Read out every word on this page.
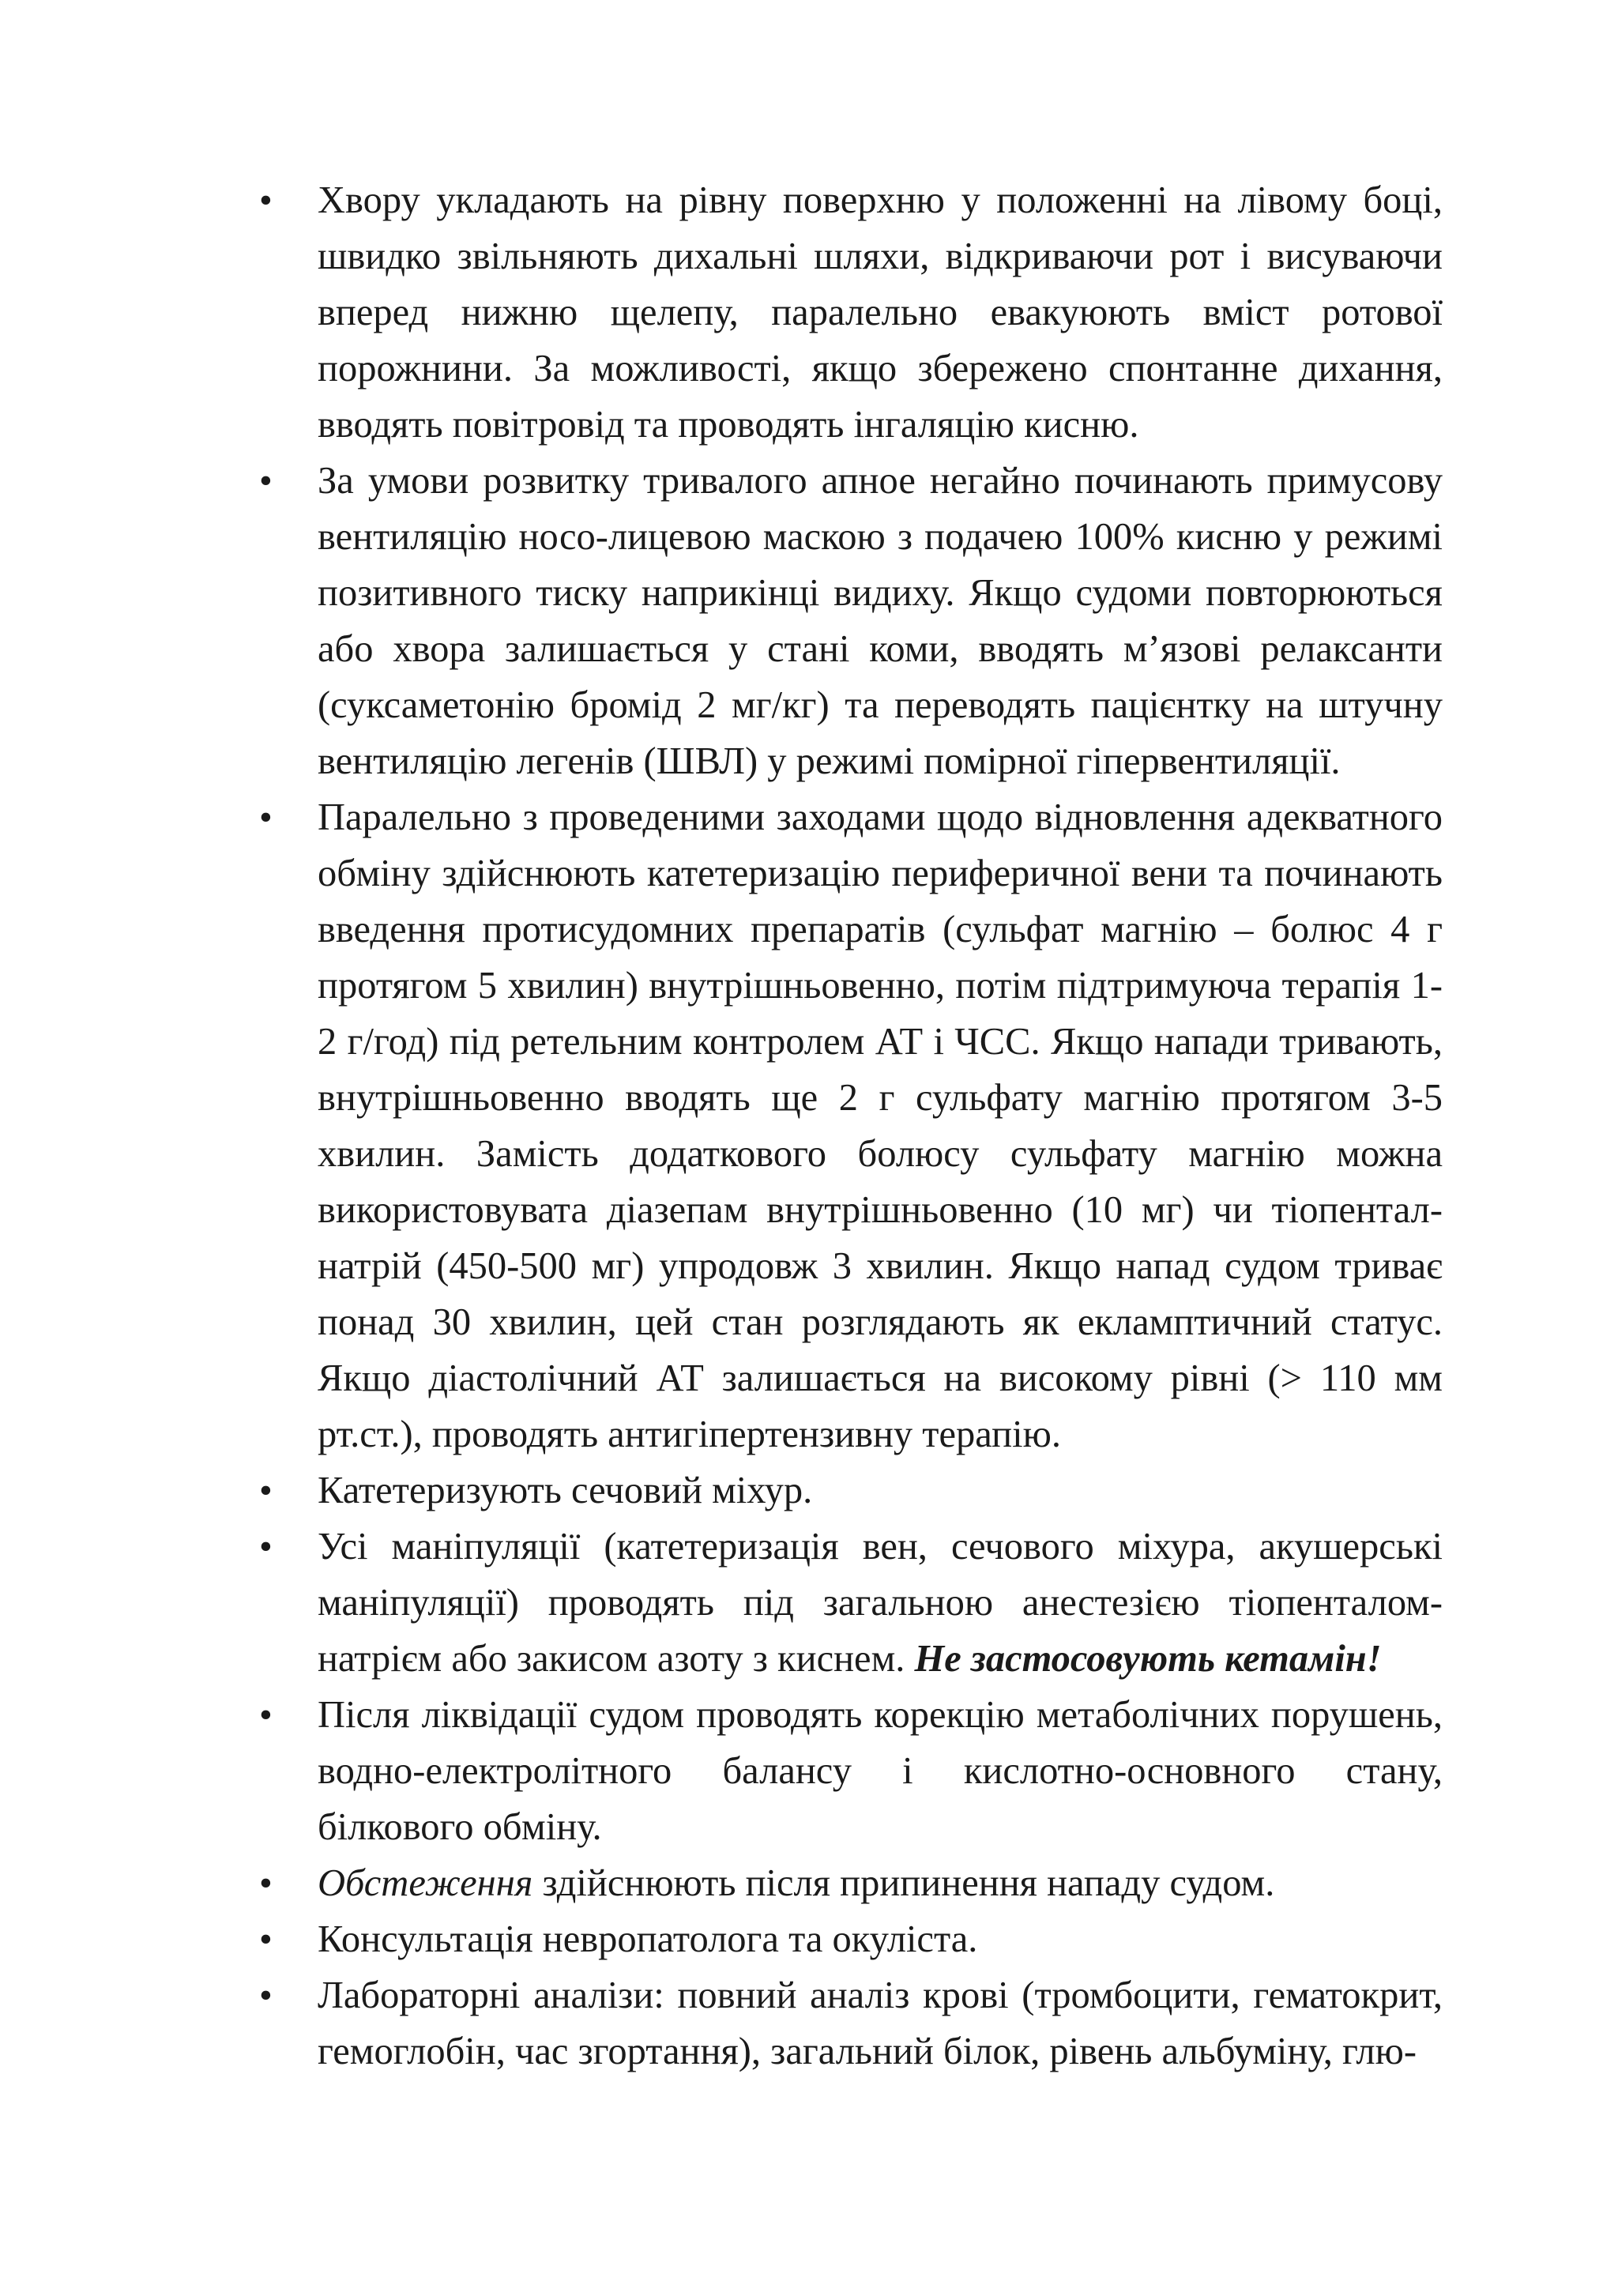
• Хвору укладають на рівну поверхню у положенні на лівому боці, швидко звільняють дихальні шляхи, відкриваючи рот і висуваючи вперед нижню щелепу, паралельно евакуюють вміст ротової порожнини. За можливості, якщо збережено спонтанне дихання, вводять повітровід та проводять інгаляцію кисню.
• За умови розвитку тривалого апное негайно починають примусову вентиляцію носо-лицевою маскою з подачею 100% кисню у режимі позитивного тиску наприкінці видиху. Якщо судоми повторюються або хвора залишається у стані коми, вводять м’язові релаксанти (суксаметонію бромід 2 мг/кг) та переводять пацієнтку на штучну вентиляцію легенів (ШВЛ) у режимі помірної гіпервентиляції.
• Паралельно з проведеними заходами щодо відновлення адекватного обміну здійснюють катетеризацію периферичної вени та починають введення протисудомних препаратів (сульфат магнію – болюс 4 г протягом 5 хвилин) внутрішньовенно, потім підтримуюча терапія 1-2 г/год) під ретельним контролем АТ і ЧСС. Якщо напади тривають, внутрішньовенно вводять ще 2 г сульфату магнію протягом 3-5 хвилин. Замість додаткового болюсу сульфату магнію можна використовувата діазепам внутрішньовенно (10 мг) чи тіопентал-натрій (450-500 мг) упродовж 3 хвилин. Якщо напад судом триває понад 30 хвилин, цей стан розглядають як екламптичний статус. Якщо діастолічний АТ залишається на високому рівні (> 110 мм рт.ст.), проводять антигіпертензивну терапію.
• Катетеризують сечовий міхур.
• Усі маніпуляції (катетеризація вен, сечового міхура, акушерські маніпуляції) проводять під загальною анестезією тіопенталомнатрієм або закисом азоту з киснем. Не застосовують кетамін!
• Після ліквідації судом проводять корекцію метаболічних порушень, водно-електролітного балансу і кислотно-основного стану, білкового обміну.
• Обстеження здійснюють після припинення нападу судом.
• Консультація невропатолога та окуліста.
• Лабораторні аналізи: повний аналіз крові (тромбоцити, гематокрит, гемоглобін, час згортання), загальний білок, рівень альбуміну, глю-
